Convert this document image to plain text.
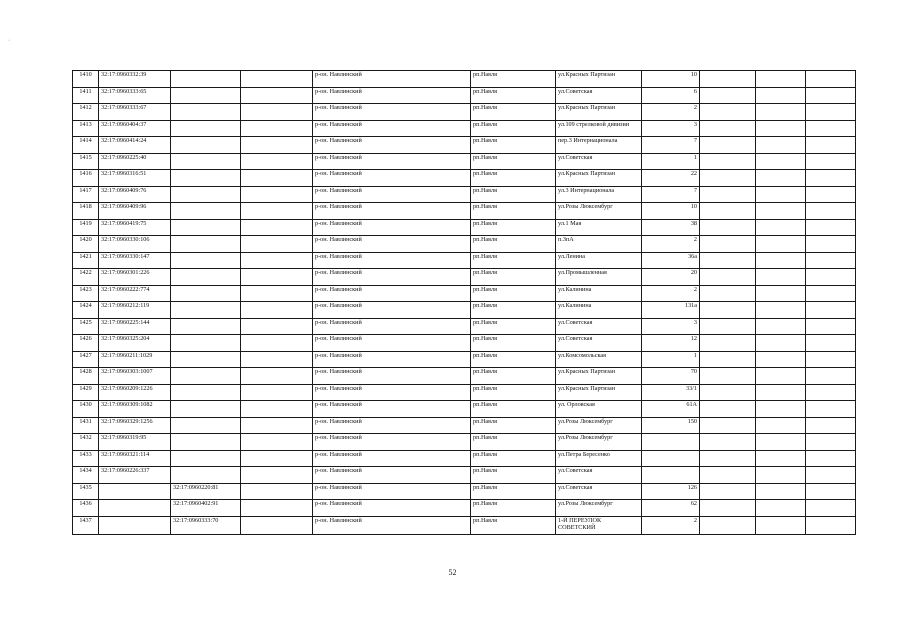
·
1410	32:17:0960332:39			р-он. Навлинский	рп.Навля	ул.Красных Партизан	10			
1411	32:17:0960333:65			р-он. Навлинский	рп.Навля	ул.Советская	6			
1412	32:17:0960333:67			р-он. Навлинский	рп.Навля	ул.Красных Партизан	2			
1413	32:17:0960404:37			р-он. Навлинский	рп.Навля	ул.109 стрелковой дивизии	3			
1414	32:17:0960414:24			р-он. Навлинский	рп.Навля	пер.3 Интернационала	7			
1415	32:17:0960225:40			р-он. Навлинский	рп.Навля	ул.Советская	1			
1416	32:17:0960316:51			р-он. Навлинский	рп.Навля	ул.Красных Партизан	22			
1417	32:17:0960409:76			р-он. Навлинский	рп.Навля	ул.3 Интернационала	7			
1418	32:17:0960409:96			р-он. Навлинский	рп.Навля	ул.Розы Люксембург	10			
1419	32:17:0960419:75			р-он. Навлинский	рп.Навля	ул.1 Мая	38			
1420	32:17:0960330:106			р-он. Навлинский	рп.Навля	п.ЗпА	2			
1421	32:17:0960330:147			р-он. Навлинский	рп.Навля	ул.Ленина	36а			
1422	32:17:0960301:226			р-он. Навлинский	рп.Навля	ул.Промышленная	20			
1423	32:17:0960222:774			р-он. Навлинский	рп.Навля	ул.Калинина	2			
1424	32:17:0960212:119			р-он. Навлинский	рп.Навля	ул.Калинина	131а			
1425	32:17:0960225:144			р-он. Навлинский	рп.Навля	ул.Советская	3			
1426	32:17:0960325:204			р-он. Навлинский	рп.Навля	ул.Советская	12			
1427	32:17:0960211:1029			р-он. Навлинский	рп.Навля	ул.Комсомольская	1			
1428	32:17:0960303:1007			р-он. Навлинский	рп.Навля	ул.Красных Партизан	70			
1429	32:17:0960209:1226			р-он. Навлинский	рп.Навля	ул.Красных Партизан	33/1			
1430	32:17:0960309:1082			р-он. Навлинский	рп.Навля	ул. Орловская	61А			
1431	32:17:0960329:1256			р-он. Навлинский	рп.Навля	ул.Розы Люксембург	150			
1432	32:17:0960319:95			р-он. Навлинский	рп.Навля	ул.Розы Люксембург				
1433	32:17:0960321:114			р-он. Навлинский	рп.Навля	ул.Петра Бересенко				
1434	32:17:0960226:337			р-он. Навлинский	рп.Навля	ул.Советская				
1435		32:17:0960220:81		р-он. Навлинский	рп.Навля	ул.Советская	126			
1436		32:17:0960402:91		р-он. Навлинский	рп.Навля	ул.Розы Люксембург	62			
1437		32:17:0960333:70		р-он. Навлинский	рп.Навля	1-Й ПЕРЕУЛОК СОВЕТСКИЙ	2			
52
